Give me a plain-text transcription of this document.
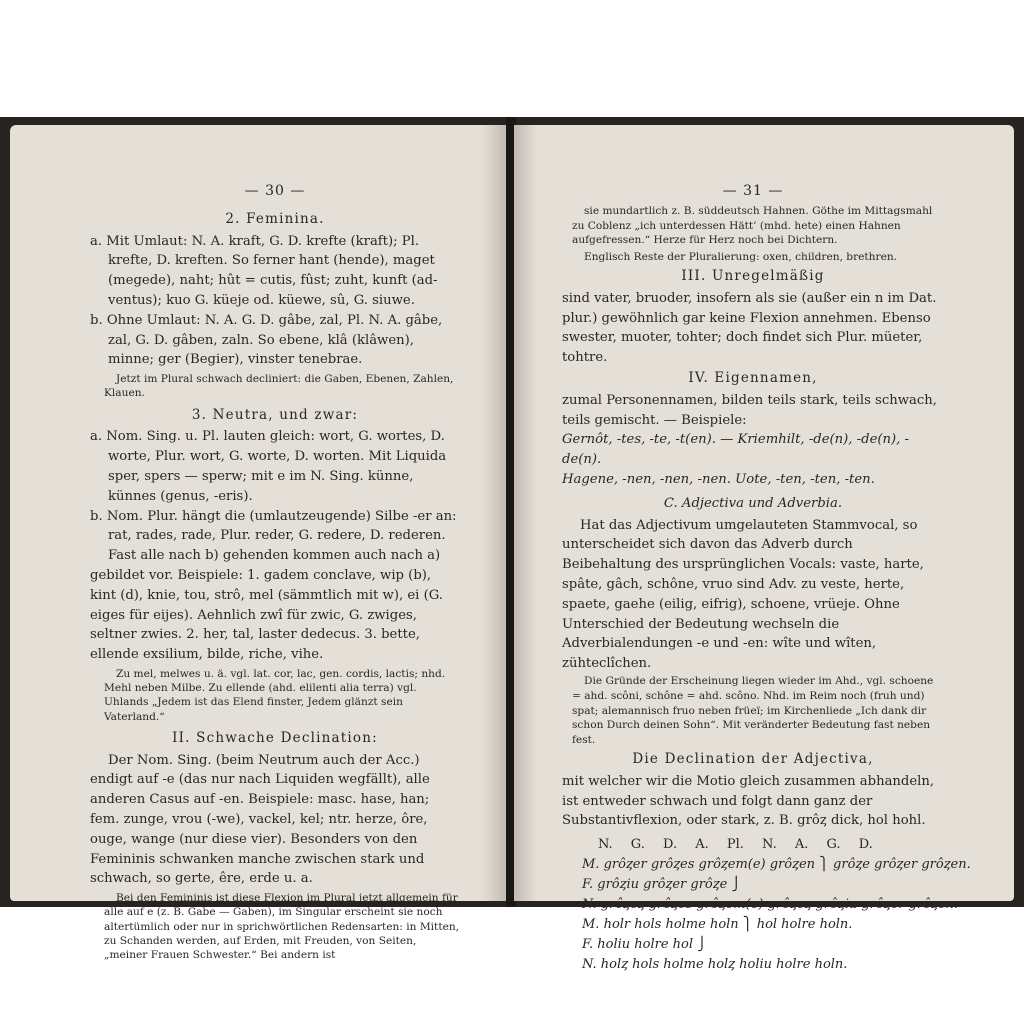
— 30 —
2. Feminina.
a. Mit Umlaut: N. A. kraft, G. D. krefte (kraft); Pl. krefte, D. kreften. So ferner hant (hende), maget (megede), naht; hût = cutis, fûst; zuht, kunft (ad-ventus); kuo G. küeje od. küewe, sû, G. siuwe.
b. Ohne Umlaut: N. A. G. D. gâbe, zal, Pl. N. A. gâbe, zal, G. D. gâben, zaln. So ebene, klâ (klâwen), minne; ger (Begier), vinster tenebrae.
Jetzt im Plural schwach decliniert: die Gaben, Ebenen, Zahlen, Klauen.
3. Neutra, und zwar:
a. Nom. Sing. u. Pl. lauten gleich: wort, G. wortes, D. worte, Plur. wort, G. worte, D. worten. Mit Liquida sper, spers — sperw; mit e im N. Sing. künne, künnes (genus, -eris).
b. Nom. Plur. hängt die (umlautzeugende) Silbe -er an: rat, rades, rade, Plur. reder, G. redere, D. rederen.
Fast alle nach b) gehenden kommen auch nach a) gebildet vor. Beispiele: 1. gadem conclave, wip (b), kint (d), knie, tou, strô, mel (sämmtlich mit w), ei (G. eiges für eijes). Aehnlich zwî für zwic, G. zwiges, seltner zwies. 2. her, tal, laster dedecus. 3. bette, ellende exsilium, bilde, riche, vihe.
Zu mel, melwes u. ä. vgl. lat. cor, lac, gen. cordis, lactis; nhd. Mehl neben Milbe. Zu ellende (ahd. elilenti alia terra) vgl. Uhlands „Jedem ist das Elend finster, Jedem glänzt sein Vaterland.“
II. Schwache Declination:
Der Nom. Sing. (beim Neutrum auch der Acc.) endigt auf -e (das nur nach Liquiden wegfällt), alle anderen Casus auf -en. Beispiele: masc. hase, han; fem. zunge, vrou (-we), vackel, kel; ntr. herze, ôre, ouge, wange (nur diese vier). Besonders von den Femininis schwanken manche zwischen stark und schwach, so gerte, êre, erde u. a.
Bei den Femininis ist diese Flexion im Plural jetzt allgemein für alle auf e (z. B. Gabe — Gaben), im Singular erscheint sie noch altertümlich oder nur in sprichwörtlichen Redensarten: in Mitten, zu Schanden werden, auf Erden, mit Freuden, von Seiten, „meiner Frauen Schwester.“ Bei andern ist
— 31 —
sie mundartlich z. B. süddeutsch Hahnen. Göthe im Mittagsmahl zu Coblenz „ich unterdessen Hätt’ (mhd. hete) einen Hahnen aufgefressen.“ Herze für Herz noch bei Dichtern.
Englisch Reste der Pluralierung: oxen, children, brethren.
III. Unregelmäßig
sind vater, bruoder, insofern als sie (außer ein n im Dat. plur.) gewöhnlich gar keine Flexion annehmen. Ebenso swester, muoter, tohter; doch findet sich Plur. müeter, tohtre.
IV. Eigennamen,
zumal Personennamen, bilden teils stark, teils schwach, teils gemischt. — Beispiele:
Gernôt, -tes, -te, -t(en). — Kriemhilt, -de(n), -de(n), -de(n).
Hagene, -nen, -nen, -nen. Uote, -ten, -ten, -ten.
C. Adjectiva und Adverbia.
Hat das Adjectivum umgelauteten Stammvocal, so unterscheidet sich davon das Adverb durch Beibehaltung des ursprünglichen Vocals: vaste, harte, spâte, gâch, schône, vruo sind Adv. zu veste, herte, spaete, gaehe (eilig, eifrig), schoene, vrüeje. Ohne Unterschied der Bedeutung wechseln die Adverbialendungen -e und -en: wîte und wîten, zühteclîchen.
Die Gründe der Erscheinung liegen wieder im Ahd., vgl. schoene = ahd. scôni, schône = ahd. scôno. Nhd. im Reim noch (fruh und) spat; alemannisch fruo neben früeï; im Kirchenliede „Ich dank dir schon Durch deinen Sohn“. Mit veränderter Bedeutung fast neben fest.
Die Declination der Adjectiva,
mit welcher wir die Motio gleich zusammen abhandeln, ist entweder schwach und folgt dann ganz der Substantivflexion, oder stark, z. B. grôȥ dick, hol hohl.
N. G. D. A. Pl. N. A. G. D.
M. grôȥer grôȥes grôȥem(e) grôȥen ⎫ grôȥe grôȥer grôȥen.
F. grôȥiu grôȥer grôȥe ⎭
N. grôȥeȥ grôȥes grôȥem(e) grôȥeȥ grôȥiu grôȥer grôȥen.
M. holr hols holme holn ⎫ hol holre holn.
F. holiu holre hol ⎭
N. holȥ hols holme holȥ holiu holre holn.
